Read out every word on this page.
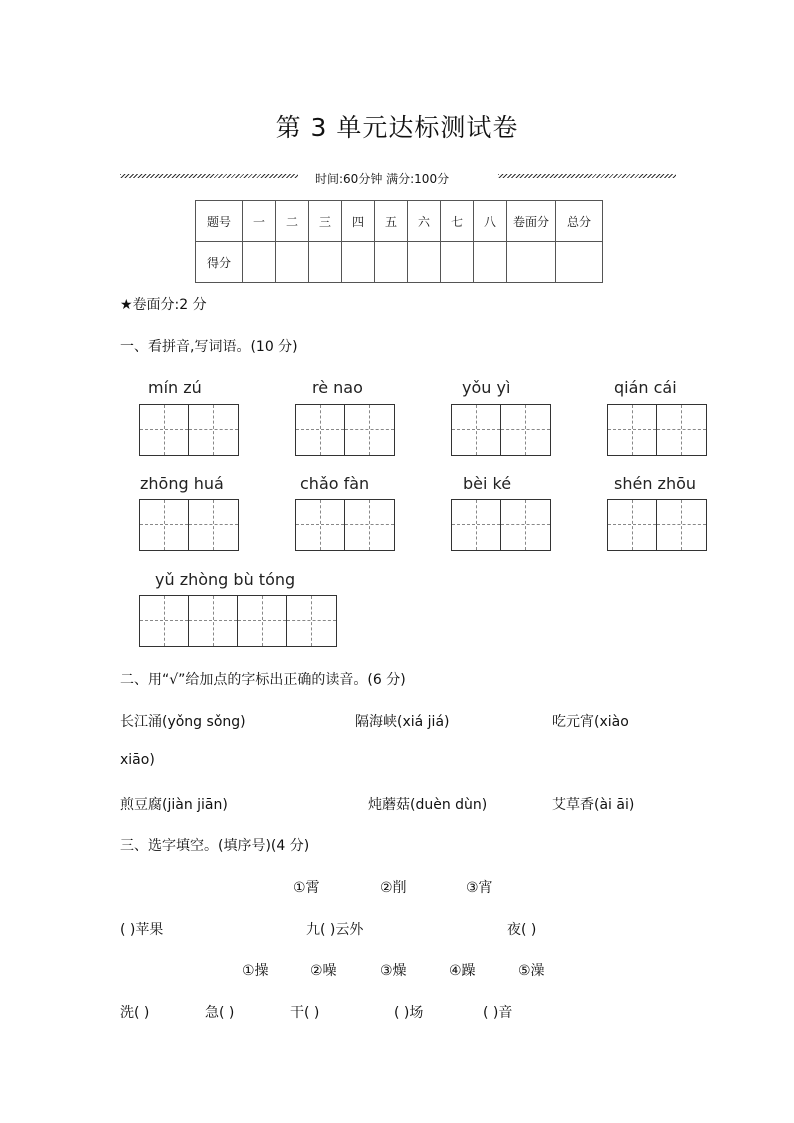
第 3 单元达标测试卷
时间:60分钟 满分:100分
题号	一	二	三	四	五	六	七	八	卷面分	总分
得分										
★卷面分:2 分
一、看拼音,写词语。(10 分)
mín zú	rè nao	yǒu yì	qián cái
zhōng huá	chǎo fàn	bèi ké	shén zhōu
yǔ zhòng bù tóng
二、用“√”给加点的字标出正确的读音。(6 分)
长江涌(yǒng sǒng)	隔海峡(xiá jiá)	吃元宵(xiào
xiāo)
煎豆腐(jiàn jiān)	炖蘑菇(duèn dùn)	艾草香(ài āi)
三、选字填空。(填序号)(4 分)
①霄	②削	③宵
( )苹果	九( )云外	夜( )
①操	②噪	③燥	④躁	⑤澡
洗( )	急( )	干( )	( )场	( )音
